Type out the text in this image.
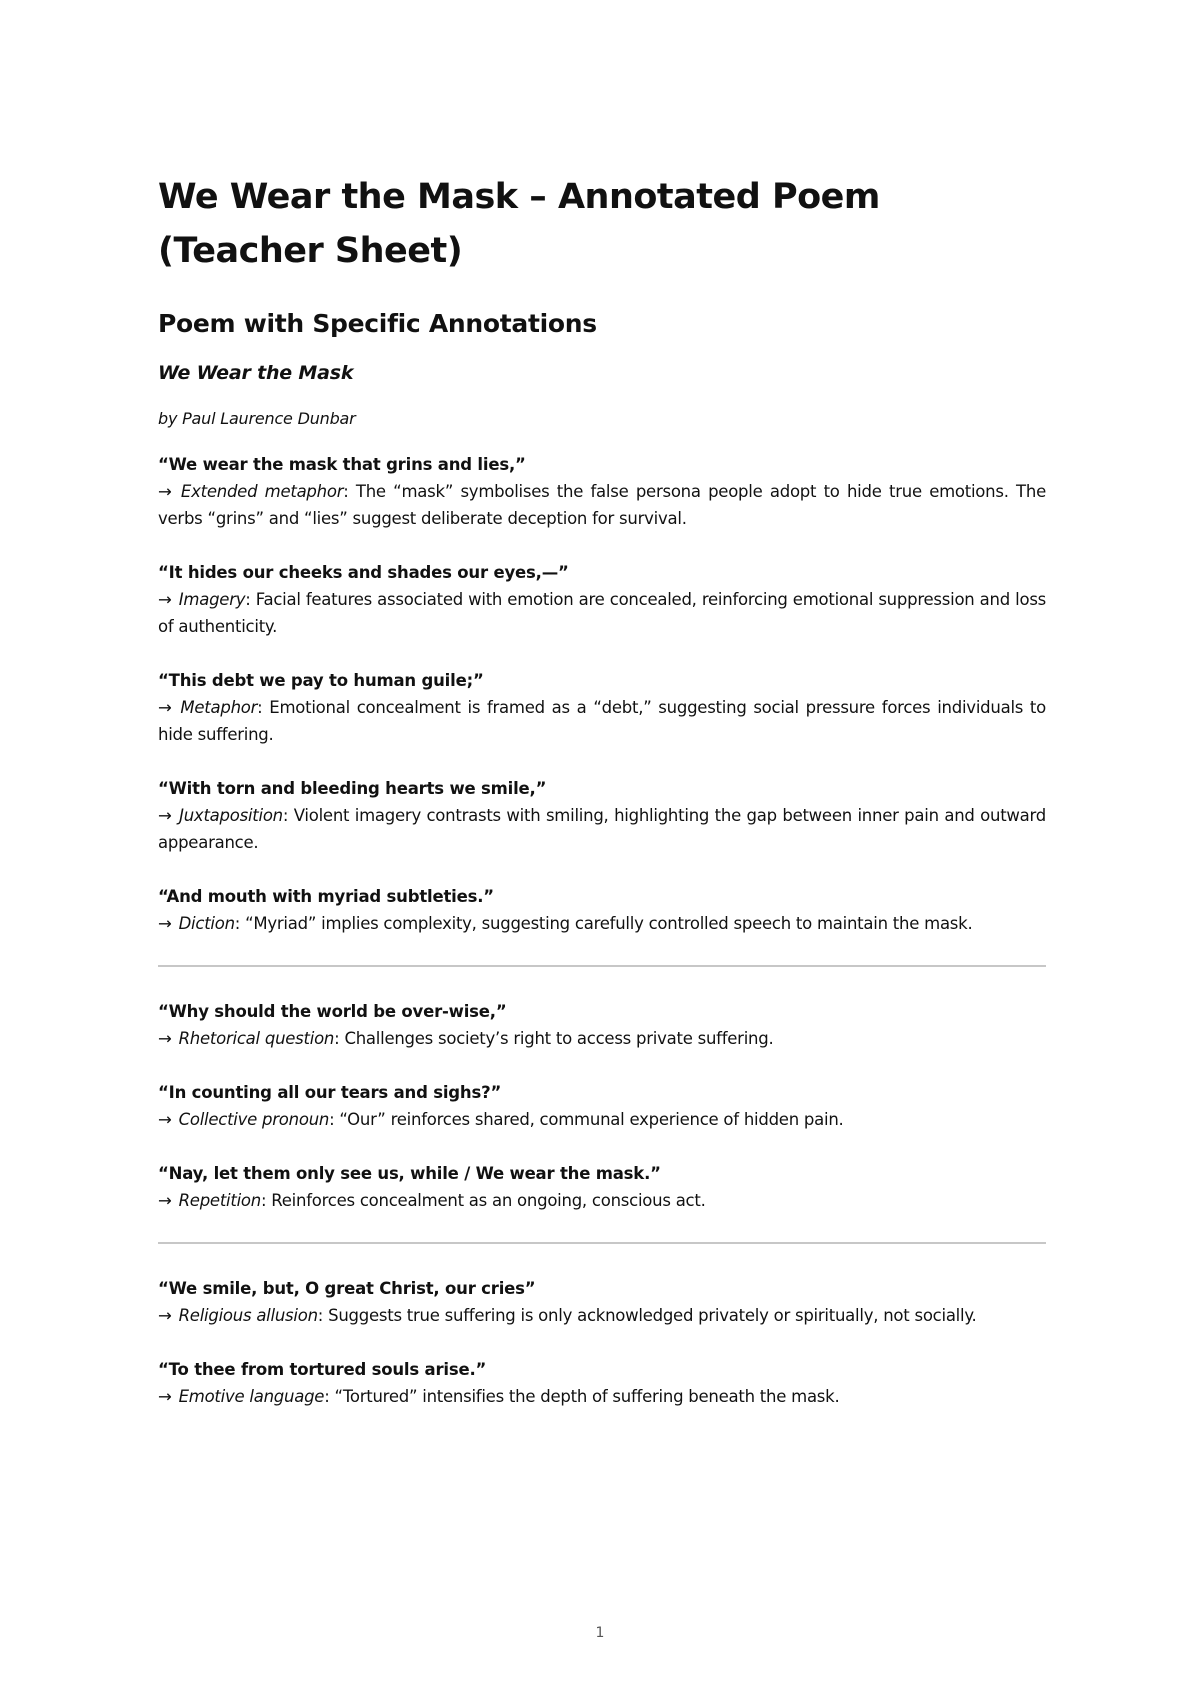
We Wear the Mask – Annotated Poem (Teacher Sheet)
Poem with Specific Annotations
We Wear the Mask
by Paul Laurence Dunbar
“We wear the mask that grins and lies,”
→ Extended metaphor: The “mask” symbolises the false persona people adopt to hide true emotions. The verbs “grins” and “lies” suggest deliberate deception for survival.
“It hides our cheeks and shades our eyes,—”
→ Imagery: Facial features associated with emotion are concealed, reinforcing emotional suppression and loss of authenticity.
“This debt we pay to human guile;”
→ Metaphor: Emotional concealment is framed as a “debt,” suggesting social pressure forces individuals to hide suffering.
“With torn and bleeding hearts we smile,”
→ Juxtaposition: Violent imagery contrasts with smiling, highlighting the gap between inner pain and outward appearance.
“And mouth with myriad subtleties.”
→ Diction: “Myriad” implies complexity, suggesting carefully controlled speech to maintain the mask.
“Why should the world be over-wise,”
→ Rhetorical question: Challenges society’s right to access private suffering.
“In counting all our tears and sighs?”
→ Collective pronoun: “Our” reinforces shared, communal experience of hidden pain.
“Nay, let them only see us, while / We wear the mask.”
→ Repetition: Reinforces concealment as an ongoing, conscious act.
“We smile, but, O great Christ, our cries”
→ Religious allusion: Suggests true suffering is only acknowledged privately or spiritually, not socially.
“To thee from tortured souls arise.”
→ Emotive language: “Tortured” intensifies the depth of suffering beneath the mask.
1
